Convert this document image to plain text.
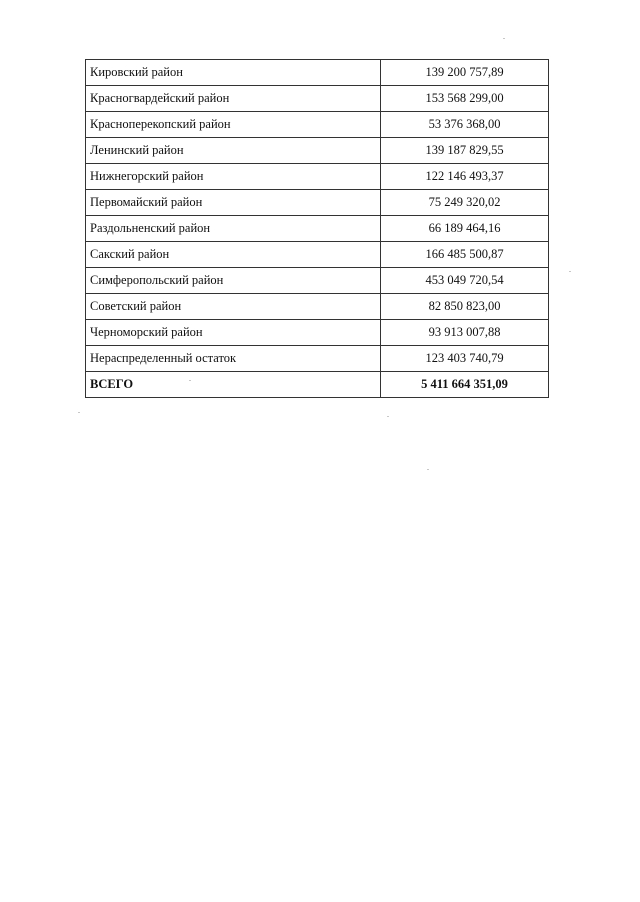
Кировский район	139 200 757,89
Красногвардейский район	153 568 299,00
Красноперекопский район	53 376 368,00
Ленинский район	139 187 829,55
Нижнегорский район	122 146 493,37
Первомайский район	75 249 320,02
Раздольненский район	66 189 464,16
Сакский район	166 485 500,87
Симферопольский район	453 049 720,54
Советский район	82 850 823,00
Черноморский район	93 913 007,88
Нераспределенный остаток	123 403 740,79
ВСЕГО	5 411 664 351,09
